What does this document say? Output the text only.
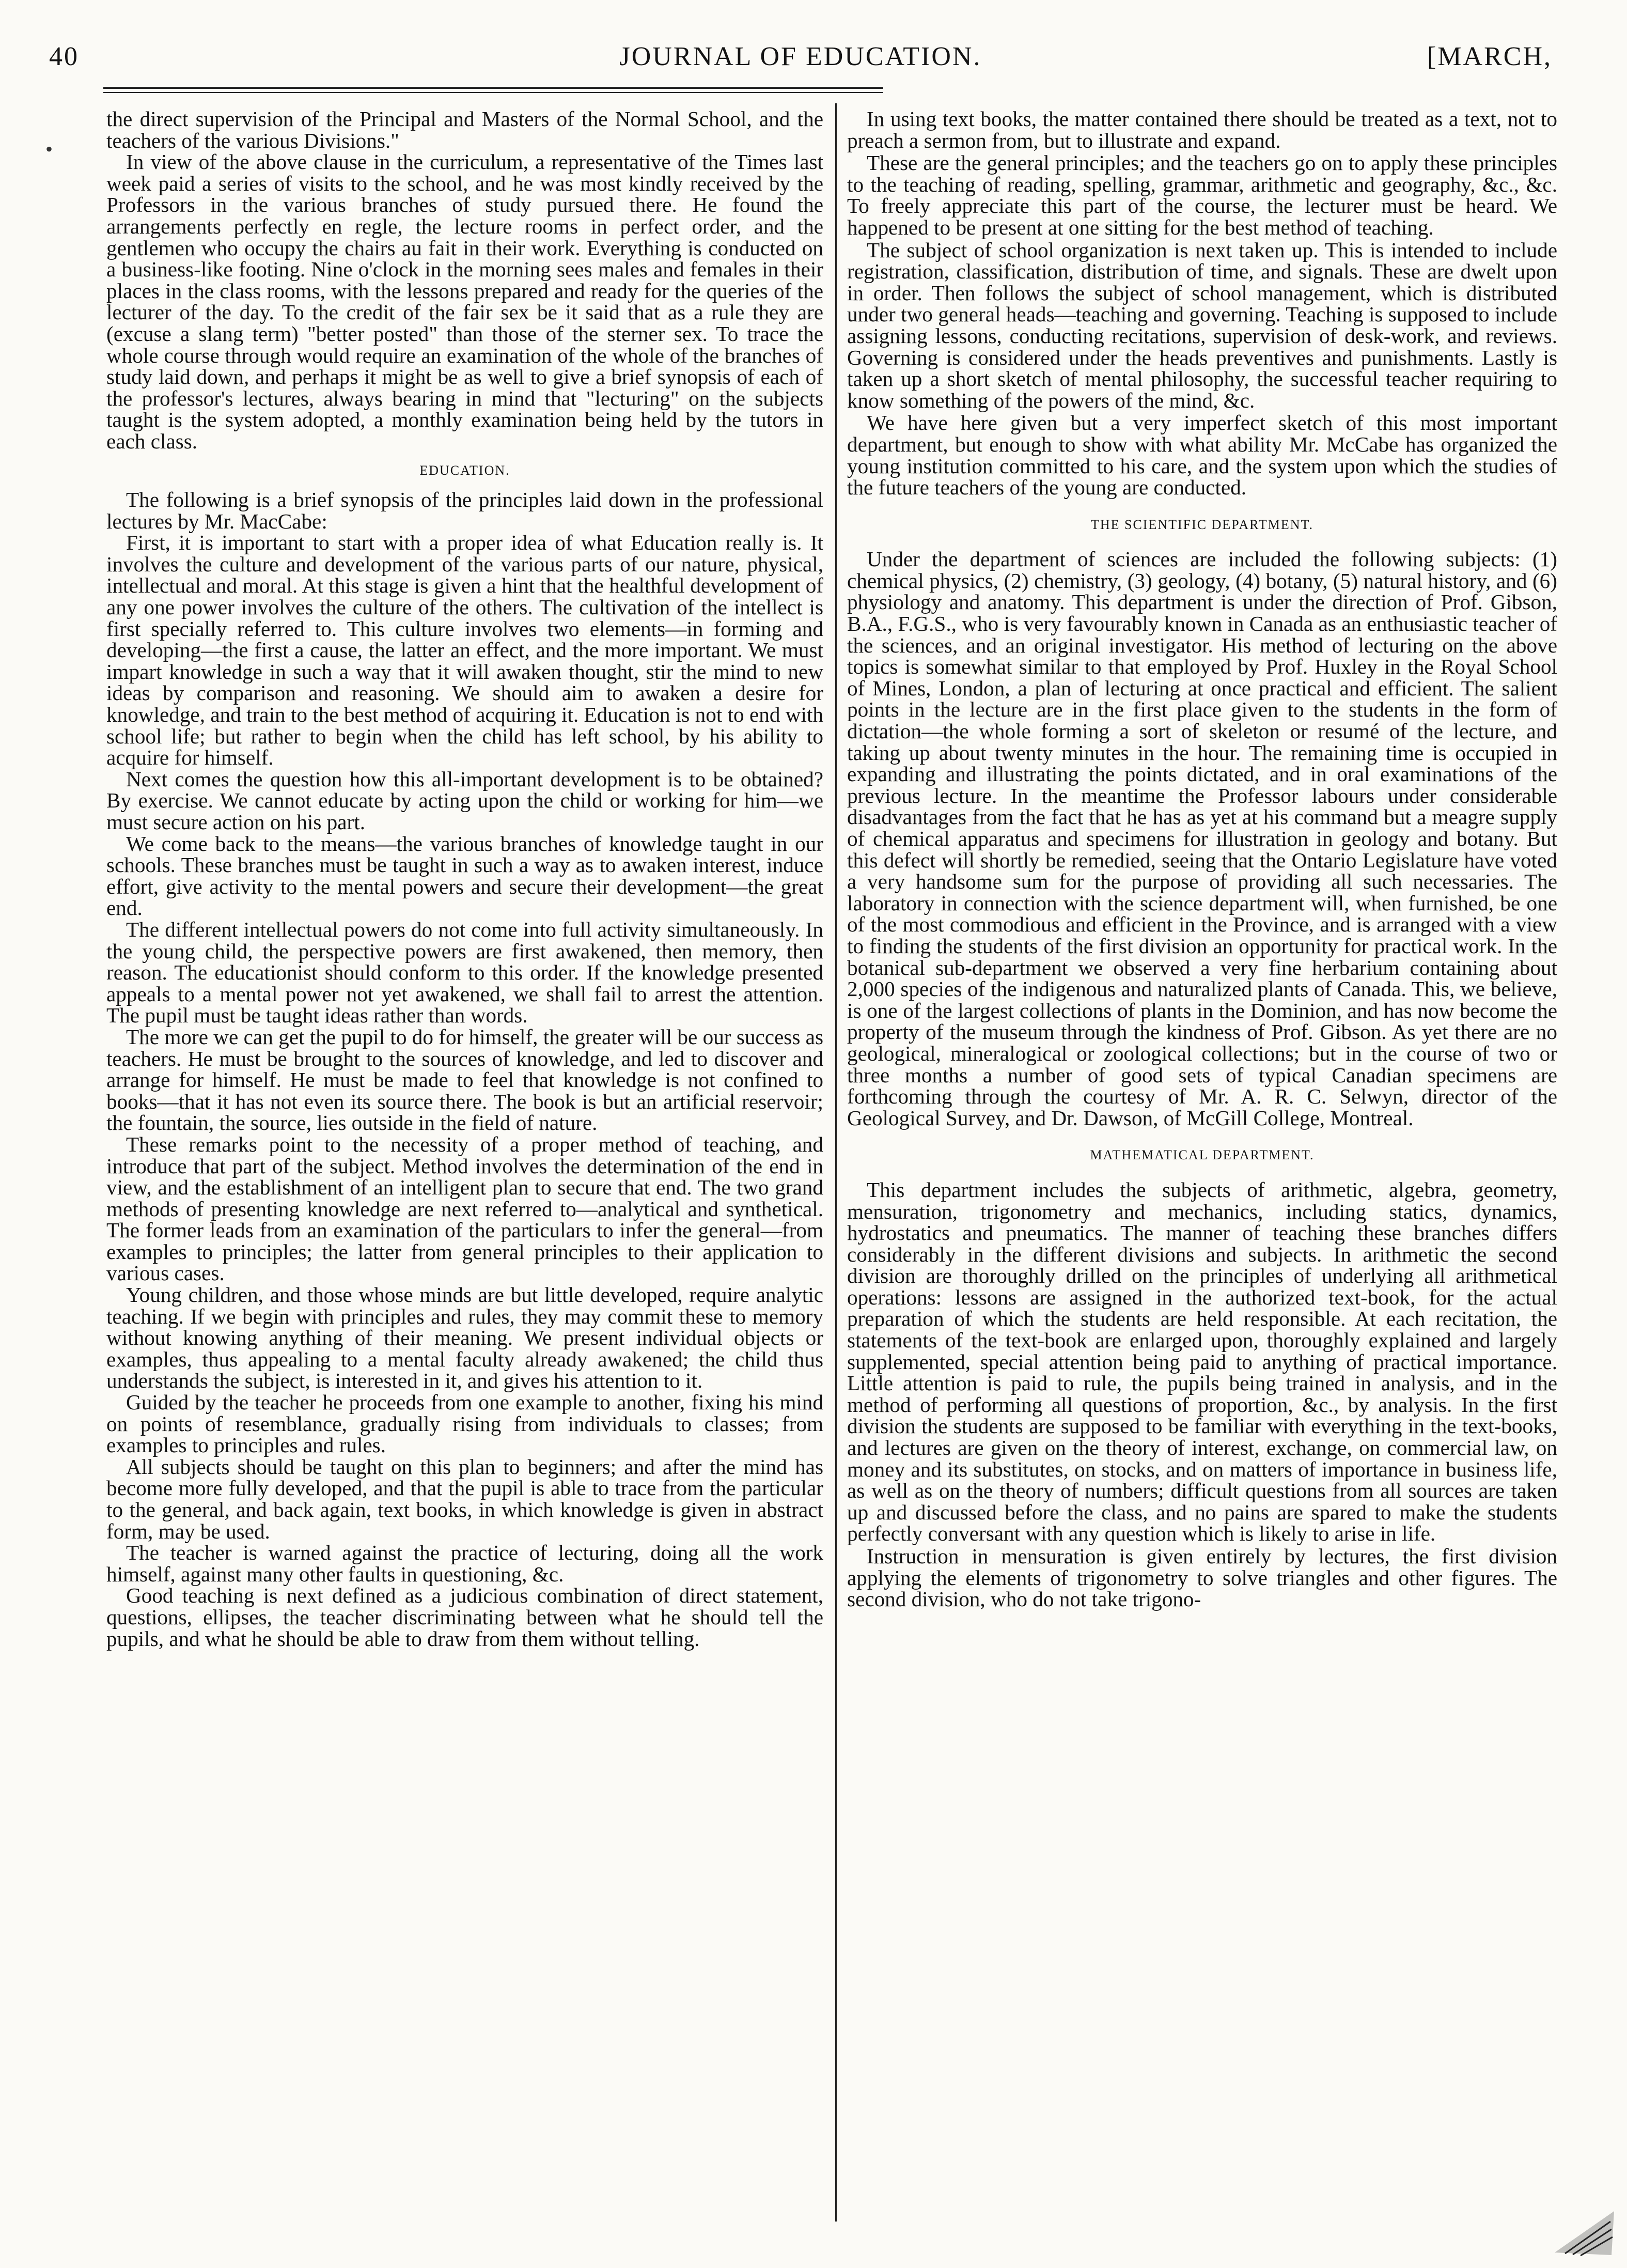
40	JOURNAL OF EDUCATION.	[MARCH,
•

the direct supervision of the Principal and Masters of the Normal School, and the teachers of the various Divisions."

In view of the above clause in the curriculum, a representative of the Times last week paid a series of visits to the school, and he was most kindly received by the Professors in the various branches of study pursued there. He found the arrangements perfectly en regle, the lecture rooms in perfect order, and the gentlemen who occupy the chairs au fait in their work. Everything is conducted on a business-like footing. Nine o'clock in the morning sees males and females in their places in the class rooms, with the lessons prepared and ready for the queries of the lecturer of the day. To the credit of the fair sex be it said that as a rule they are (excuse a slang term) "better posted" than those of the sterner sex. To trace the whole course through would require an examination of the whole of the branches of study laid down, and perhaps it might be as well to give a brief synopsis of each of the professor's lectures, always bearing in mind that "lecturing" on the subjects taught is the system adopted, a monthly examination being held by the tutors in each class.

EDUCATION.

The following is a brief synopsis of the principles laid down in the professional lectures by Mr. MacCabe:

First, it is important to start with a proper idea of what Education really is. It involves the culture and development of the various parts of our nature, physical, intellectual and moral. At this stage is given a hint that the healthful development of any one power involves the culture of the others. The cultivation of the intellect is first specially referred to. This culture involves two elements—in forming and developing—the first a cause, the latter an effect, and the more important. We must impart knowledge in such a way that it will awaken thought, stir the mind to new ideas by comparison and reasoning. We should aim to awaken a desire for knowledge, and train to the best method of acquiring it. Education is not to end with school life; but rather to begin when the child has left school, by his ability to acquire for himself.

Next comes the question how this all-important development is to be obtained? By exercise. We cannot educate by acting upon the child or working for him—we must secure action on his part.

We come back to the means—the various branches of knowledge taught in our schools. These branches must be taught in such a way as to awaken interest, induce effort, give activity to the mental powers and secure their development—the great end.

The different intellectual powers do not come into full activity simultaneously. In the young child, the perspective powers are first awakened, then memory, then reason. The educationist should conform to this order. If the knowledge presented appeals to a mental power not yet awakened, we shall fail to arrest the attention. The pupil must be taught ideas rather than words.

The more we can get the pupil to do for himself, the greater will be our success as teachers. He must be brought to the sources of knowledge, and led to discover and arrange for himself. He must be made to feel that knowledge is not confined to books—that it has not even its source there. The book is but an artificial reservoir; the fountain, the source, lies outside in the field of nature.

These remarks point to the necessity of a proper method of teaching, and introduce that part of the subject. Method involves the determination of the end in view, and the establishment of an intelligent plan to secure that end. The two grand methods of presenting knowledge are next referred to—analytical and synthetical. The former leads from an examination of the particulars to infer the general—from examples to principles; the latter from general principles to their application to various cases.

Young children, and those whose minds are but little developed, require analytic teaching. If we begin with principles and rules, they may commit these to memory without knowing anything of their meaning. We present individual objects or examples, thus appealing to a mental faculty already awakened; the child thus understands the subject, is interested in it, and gives his attention to it.

Guided by the teacher he proceeds from one example to another, fixing his mind on points of resemblance, gradually rising from individuals to classes; from examples to principles and rules.

All subjects should be taught on this plan to beginners; and after the mind has become more fully developed, and that the pupil is able to trace from the particular to the general, and back again, text books, in which knowledge is given in abstract form, may be used.

The teacher is warned against the practice of lecturing, doing all the work himself, against many other faults in questioning, &c.

Good teaching is next defined as a judicious combination of direct statement, questions, ellipses, the teacher discriminating between what he should tell the pupils, and what he should be able to draw from them without telling.

In using text books, the matter contained there should be treated as a text, not to preach a sermon from, but to illustrate and expand.

These are the general principles; and the teachers go on to apply these principles to the teaching of reading, spelling, grammar, arithmetic and geography, &c., &c. To freely appreciate this part of the course, the lecturer must be heard. We happened to be present at one sitting for the best method of teaching.

The subject of school organization is next taken up. This is intended to include registration, classification, distribution of time, and signals. These are dwelt upon in order. Then follows the subject of school management, which is distributed under two general heads—teaching and governing. Teaching is supposed to include assigning lessons, conducting recitations, supervision of desk-work, and reviews. Governing is considered under the heads preventives and punishments. Lastly is taken up a short sketch of mental philosophy, the successful teacher requiring to know something of the powers of the mind, &c.

We have here given but a very imperfect sketch of this most important department, but enough to show with what ability Mr. McCabe has organized the young institution committed to his care, and the system upon which the studies of the future teachers of the young are conducted.

THE SCIENTIFIC DEPARTMENT.

Under the department of sciences are included the following subjects: (1) chemical physics, (2) chemistry, (3) geology, (4) botany, (5) natural history, and (6) physiology and anatomy. This department is under the direction of Prof. Gibson, B.A., F.G.S., who is very favourably known in Canada as an enthusiastic teacher of the sciences, and an original investigator. His method of lecturing on the above topics is somewhat similar to that employed by Prof. Huxley in the Royal School of Mines, London, a plan of lecturing at once practical and efficient. The salient points in the lecture are in the first place given to the students in the form of dictation—the whole forming a sort of skeleton or resumé of the lecture, and taking up about twenty minutes in the hour. The remaining time is occupied in expanding and illustrating the points dictated, and in oral examinations of the previous lecture. In the meantime the Professor labours under considerable disadvantages from the fact that he has as yet at his command but a meagre supply of chemical apparatus and specimens for illustration in geology and botany. But this defect will shortly be remedied, seeing that the Ontario Legislature have voted a very handsome sum for the purpose of providing all such necessaries. The laboratory in connection with the science department will, when furnished, be one of the most commodious and efficient in the Province, and is arranged with a view to finding the students of the first division an opportunity for practical work. In the botanical sub-department we observed a very fine herbarium containing about 2,000 species of the indigenous and naturalized plants of Canada. This, we believe, is one of the largest collections of plants in the Dominion, and has now become the property of the museum through the kindness of Prof. Gibson. As yet there are no geological, mineralogical or zoological collections; but in the course of two or three months a number of good sets of typical Canadian specimens are forthcoming through the courtesy of Mr. A. R. C. Selwyn, director of the Geological Survey, and Dr. Dawson, of McGill College, Montreal.

MATHEMATICAL DEPARTMENT.

This department includes the subjects of arithmetic, algebra, geometry, mensuration, trigonometry and mechanics, including statics, dynamics, hydrostatics and pneumatics. The manner of teaching these branches differs considerably in the different divisions and subjects. In arithmetic the second division are thoroughly drilled on the principles of underlying all arithmetical operations: lessons are assigned in the authorized text-book, for the actual preparation of which the students are held responsible. At each recitation, the statements of the text-book are enlarged upon, thoroughly explained and largely supplemented, special attention being paid to anything of practical importance. Little attention is paid to rule, the pupils being trained in analysis, and in the method of performing all questions of proportion, &c., by analysis. In the first division the students are supposed to be familiar with everything in the text-books, and lectures are given on the theory of interest, exchange, on commercial law, on money and its substitutes, on stocks, and on matters of importance in business life, as well as on the theory of numbers; difficult questions from all sources are taken up and discussed before the class, and no pains are spared to make the students perfectly conversant with any question which is likely to arise in life.

Instruction in mensuration is given entirely by lectures, the first division applying the elements of trigonometry to solve triangles and other figures. The second division, who do not take trigono-
